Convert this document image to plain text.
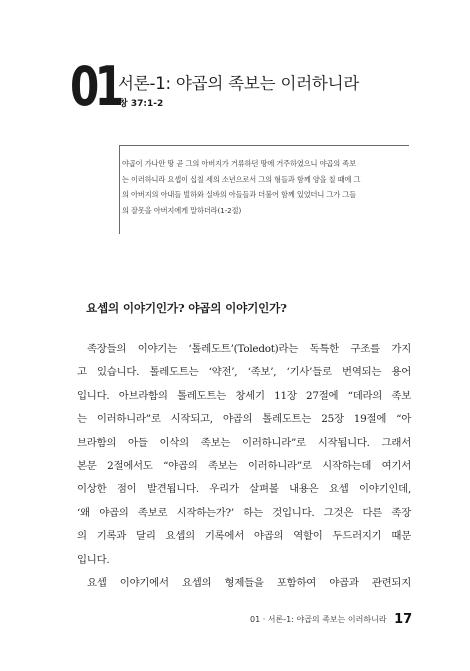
01
서론-1: 야곱의 족보는 이러하니라
창 37:1-2

야곱이 가나안 땅 곧 그의 아버지가 거류하던 땅에 거주하였으니 야곱의 족보

는 이러하니라 요셉이 십칠 세의 소년으로서 그의 형들과 함께 양을 칠 때에 그

의 아버지의 아내들 빌하와 실바의 아들들과 더불어 함께 있었더니 그가 그들

의 잘못을 아버지에게 말하더라(1-2절)

요셉의 이야기인가? 야곱의 이야기인가?
족장들의 이야기는 ‘톨레도트’(Toledot)라는 독특한 구조를 가지
고 있습니다. 톨레도트는 ‘약전’, ‘족보’, ‘기사’들로 번역되는 용어
입니다. 아브라함의 톨레도트는 창세기 11장 27절에 “데라의 족보
는 이러하니라”로 시작되고, 야곱의 톨레도트는 25장 19절에 “아
브라함의 아들 이삭의 족보는 이러하니라”로 시작됩니다. 그래서
본문 2절에서도 “야곱의 족보는 이러하니라”로 시작하는데 여기서
이상한 점이 발견됩니다. 우리가 살펴볼 내용은 요셉 이야기인데,
‘왜 야곱의 족보로 시작하는가?’ 하는 것입니다. 그것은 다른 족장
의 기록과 달리 요셉의 기록에서 야곱의 역할이 두드러지기 때문
입니다.
요셉 이야기에서 요셉의 형제들을 포함하여 야곱과 관련되지
01 · 서론-1: 야곱의 족보는 이러하니라 17
